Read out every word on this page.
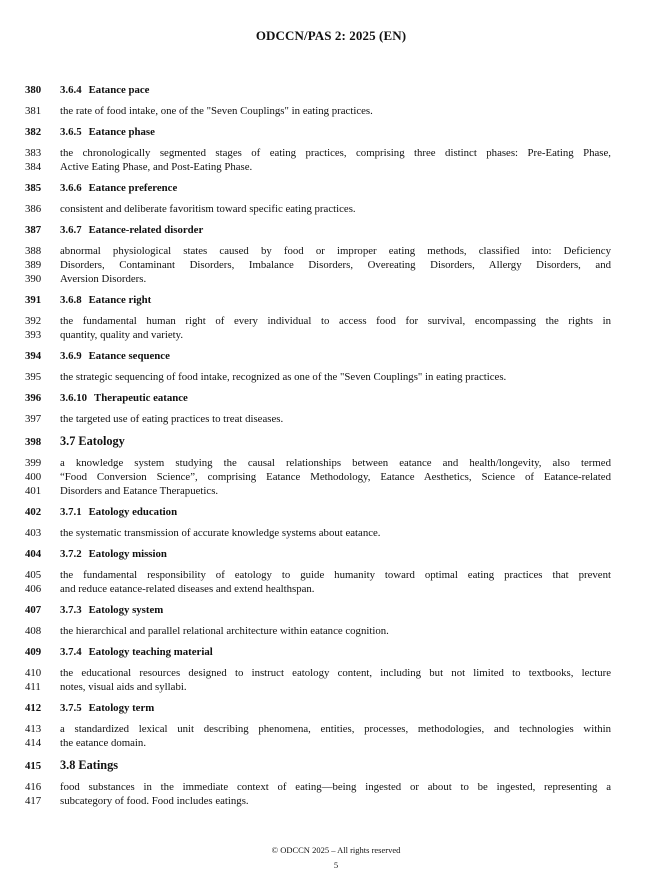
ODCCN/PAS 2: 2025 (EN)
380	3.6.4 Eatance pace
381	the rate of food intake, one of the "Seven Couplings" in eating practices.
382	3.6.5 Eatance phase
383	the chronologically segmented stages of eating practices, comprising three distinct phases: Pre-Eating Phase,
384	Active Eating Phase, and Post-Eating Phase.
385	3.6.6 Eatance preference
386	consistent and deliberate favoritism toward specific eating practices.
387	3.6.7 Eatance-related disorder
388	abnormal physiological states caused by food or improper eating methods, classified into: Deficiency
389	Disorders, Contaminant Disorders, Imbalance Disorders, Overeating Disorders, Allergy Disorders, and
390	Aversion Disorders.
391	3.6.8 Eatance right
392	the fundamental human right of every individual to access food for survival, encompassing the rights in
393	quantity, quality and variety.
394	3.6.9 Eatance sequence
395	the strategic sequencing of food intake, recognized as one of the "Seven Couplings" in eating practices.
396	3.6.10 Therapeutic eatance
397	the targeted use of eating practices to treat diseases.
398	3.7 Eatology
399	a knowledge system studying the causal relationships between eatance and health/longevity, also termed
400	“Food Conversion Science”, comprising Eatance Methodology, Eatance Aesthetics, Science of Eatance-related
401	Disorders and Eatance Therapuetics.
402	3.7.1 Eatology education
403	the systematic transmission of accurate knowledge systems about eatance.
404	3.7.2 Eatology mission
405	the fundamental responsibility of eatology to guide humanity toward optimal eating practices that prevent
406	and reduce eatance-related diseases and extend healthspan.
407	3.7.3 Eatology system
408	the hierarchical and parallel relational architecture within eatance cognition.
409	3.7.4 Eatology teaching material
410	the educational resources designed to instruct eatology content, including but not limited to textbooks, lecture
411	notes, visual aids and syllabi.
412	3.7.5 Eatology term
413	a standardized lexical unit describing phenomena, entities, processes, methodologies, and technologies within
414	the eatance domain.
415	3.8 Eatings
416	food substances in the immediate context of eating—being ingested or about to be ingested, representing a
417	subcategory of food. Food includes eatings.
© ODCCN 2025 – All rights reserved
5
